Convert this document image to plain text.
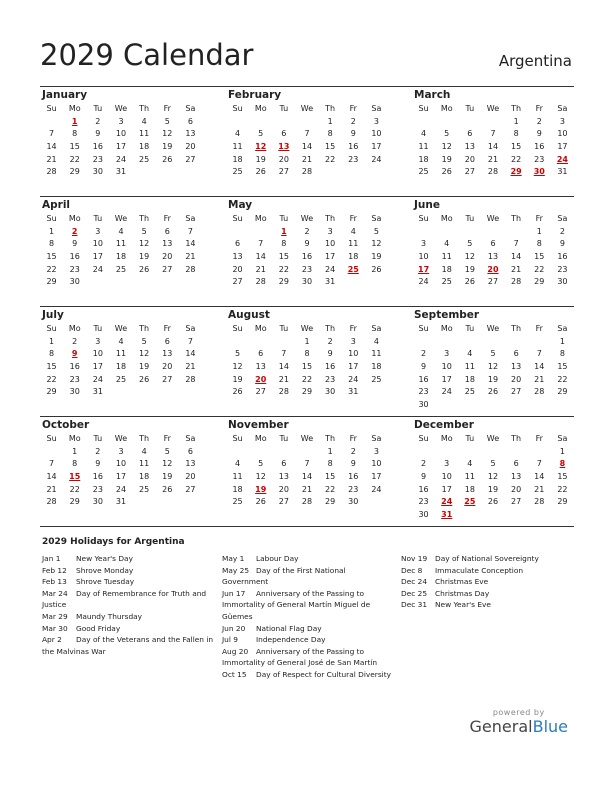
2029 Calendar	Argentina
January
Su	Mo	Tu	We	Th	Fr	Sa
	1	2	3	4	5	6
7	8	9	10	11	12	13
14	15	16	17	18	19	20
21	22	23	24	25	26	27
28	29	30	31			
February
Su	Mo	Tu	We	Th	Fr	Sa
				1	2	3
4	5	6	7	8	9	10
11	12	13	14	15	16	17
18	19	20	21	22	23	24
25	26	27	28			
March
Su	Mo	Tu	We	Th	Fr	Sa
				1	2	3
4	5	6	7	8	9	10
11	12	13	14	15	16	17
18	19	20	21	22	23	24
25	26	27	28	29	30	31
April
Su	Mo	Tu	We	Th	Fr	Sa
1	2	3	4	5	6	7
8	9	10	11	12	13	14
15	16	17	18	19	20	21
22	23	24	25	26	27	28
29	30					
May
Su	Mo	Tu	We	Th	Fr	Sa
		1	2	3	4	5
6	7	8	9	10	11	12
13	14	15	16	17	18	19
20	21	22	23	24	25	26
27	28	29	30	31		
June
Su	Mo	Tu	We	Th	Fr	Sa
					1	2
3	4	5	6	7	8	9
10	11	12	13	14	15	16
17	18	19	20	21	22	23
24	25	26	27	28	29	30
July
Su	Mo	Tu	We	Th	Fr	Sa
1	2	3	4	5	6	7
8	9	10	11	12	13	14
15	16	17	18	19	20	21
22	23	24	25	26	27	28
29	30	31				
August
Su	Mo	Tu	We	Th	Fr	Sa
			1	2	3	4
5	6	7	8	9	10	11
12	13	14	15	16	17	18
19	20	21	22	23	24	25
26	27	28	29	30	31	
September
Su	Mo	Tu	We	Th	Fr	Sa
						1
2	3	4	5	6	7	8
9	10	11	12	13	14	15
16	17	18	19	20	21	22
23	24	25	26	27	28	29
30						
October
Su	Mo	Tu	We	Th	Fr	Sa
	1	2	3	4	5	6
7	8	9	10	11	12	13
14	15	16	17	18	19	20
21	22	23	24	25	26	27
28	29	30	31			
November
Su	Mo	Tu	We	Th	Fr	Sa
				1	2	3
4	5	6	7	8	9	10
11	12	13	14	15	16	17
18	19	20	21	22	23	24
25	26	27	28	29	30	
December
Su	Mo	Tu	We	Th	Fr	Sa
						1
2	3	4	5	6	7	8
9	10	11	12	13	14	15
16	17	18	19	20	21	22
23	24	25	26	27	28	29
30	31					
2029 Holidays for Argentina
Jan 1 New Year's Day
Feb 12 Shrove Monday
Feb 13 Shrove Tuesday
Mar 24 Day of Remembrance for Truth and Justice
Mar 29 Maundy Thursday
Mar 30 Good Friday
Apr 2 Day of the Veterans and the Fallen in the Malvinas War
May 1 Labour Day
May 25 Day of the First National Government
Jun 17 Anniversary of the Passing to Immortality of General Martín Miguel de Güemes
Jun 20 National Flag Day
Jul 9 Independence Day
Aug 20 Anniversary of the Passing to Immortality of General José de San Martín
Oct 15 Day of Respect for Cultural Diversity
Nov 19 Day of National Sovereignty
Dec 8 Immaculate Conception
Dec 24 Christmas Eve
Dec 25 Christmas Day
Dec 31 New Year's Eve
powered by
GeneralBlue
